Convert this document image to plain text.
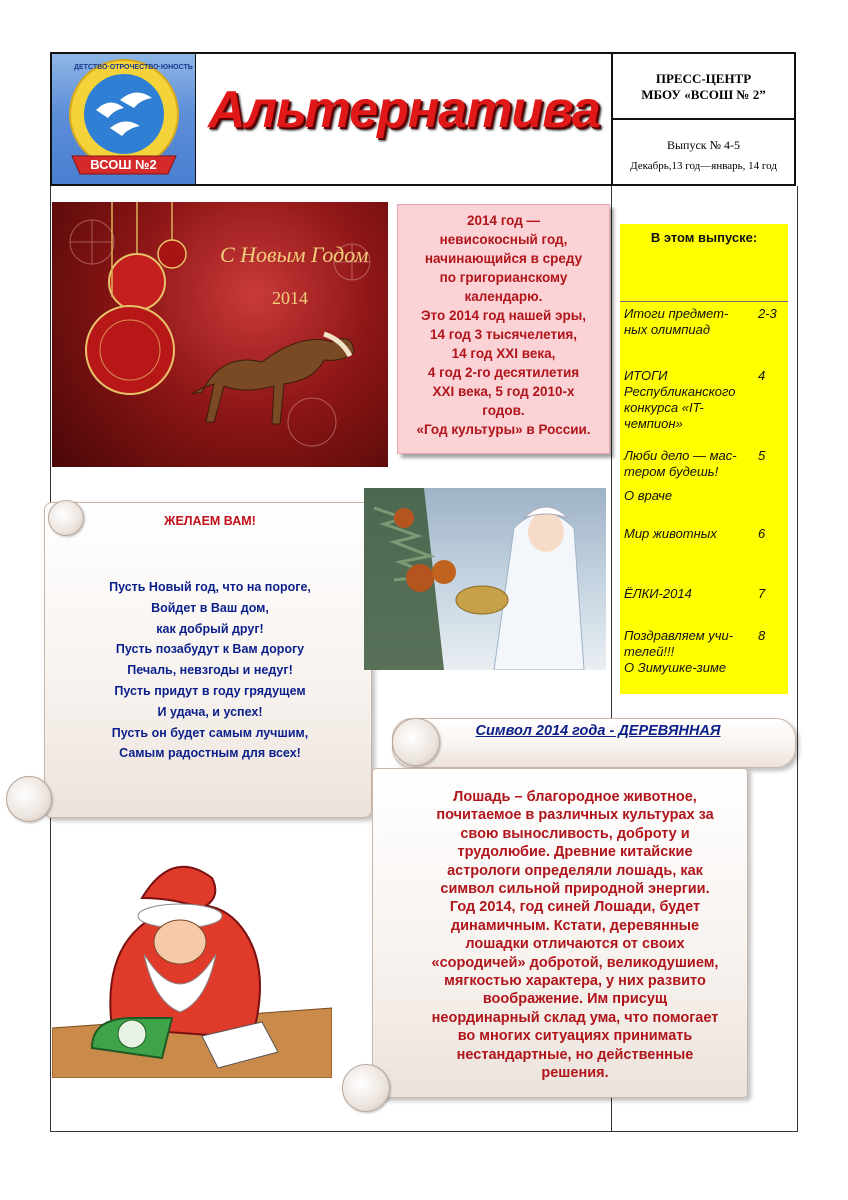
ВСОШ №2
ДЕТСТВО·ОТРОЧЕСТВО·ЮНОСТЬ
Альтернатива
ПРЕСС-ЦЕНТР
МБОУ «ВСОШ № 2”
Выпуск № 4-5
Декабрь,13 год—январь, 14 год
С Новым Годом
2014
2014 год —
невисокосный год,
начинающийся в среду
по григорианскому
календарю.
Это 2014 год нашей эры,
14 год 3 тысячелетия,
14 год XXI века,
4 год 2-го десятилетия
XXI века, 5 год 2010-х
годов.
«Год культуры» в России.
В этом выпуске:
Итоги предмет-
ных олимпиад
2-3
ИТОГИ
Республиканского
конкурса «IT-
чемпион»
4
Люби дело — мас-
тером будешь!
5
О враче
Мир животных	6
ЁЛКИ-2014	7
Поздравляем учи-
телей!!!
О Зимушке-зиме
8
ЖЕЛАЕМ ВАМ!
Пусть Новый год, что на пороге,
Войдет в Ваш дом,
как добрый друг!
Пусть позабудут к Вам дорогу
Печаль, невзгоды и недуг!
Пусть придут в году грядущем
И удача, и успех!
Пусть он будет самым лучшим,
Самым радостным для всех!
Символ 2014 года - ДЕРЕВЯННАЯ
Лошадь – благородное животное,
почитаемое в различных культурах за
свою выносливость, доброту и
трудолюбие. Древние китайские
астрологи определяли лошадь, как
символ сильной природной энергии.
Год 2014, год синей Лошади, будет
динамичным. Кстати, деревянные
лошадки отличаются от своих
«сородичей» добротой, великодушием,
мягкостью характера, у них развито
воображение. Им присущ
неординарный склад ума, что помогает
во многих ситуациях принимать
нестандартные, но действенные
решения.
